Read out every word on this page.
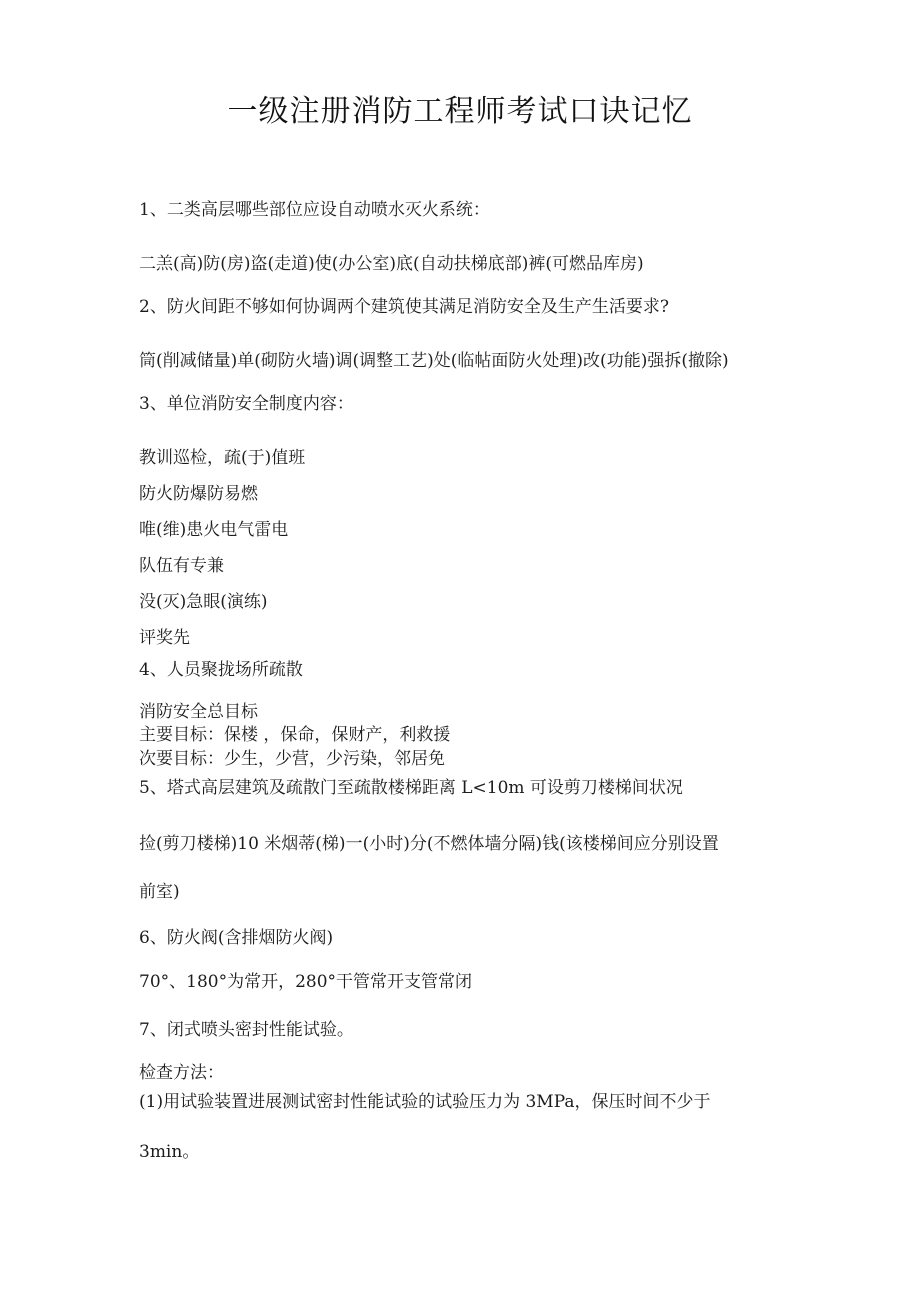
一级注册消防工程师考试口诀记忆

1、二类高层哪些部位应设自动喷水灭火系统：

二羔(高)防(房)盗(走道)使(办公室)底(自动扶梯底部)裤(可燃品库房)

2、防火间距不够如何协调两个建筑使其满足消防安全及生产生活要求?

筒(削减储量)单(砌防火墙)调(调整工艺)处(临帖面防火处理)改(功能)强拆(撤除)

3、单位消防安全制度内容：

教训巡检，疏(于)值班

防火防爆防易燃

唯(维)患火电气雷电

队伍有专兼

没(灭)急眼(演练)

评奖先

4、人员聚拢场所疏散

消防安全总目标

主要目标：保楼 ，保命，保财产，利救援

次要目标：少生，少营，少污染，邻居免

5、塔式高层建筑及疏散门至疏散楼梯距离 L<10m 可设剪刀楼梯间状况

捡(剪刀楼梯)10 米烟蒂(梯)一(小时)分(不燃体墙分隔)钱(该楼梯间应分别设置

前室)

6、防火阀(含排烟防火阀)

70°、180°为常开，280°干管常开支管常闭

7、闭式喷头密封性能试验。

检查方法：

(1)用试验装置进展测试密封性能试验的试验压力为 3MPa，保压时间不少于

3min。
